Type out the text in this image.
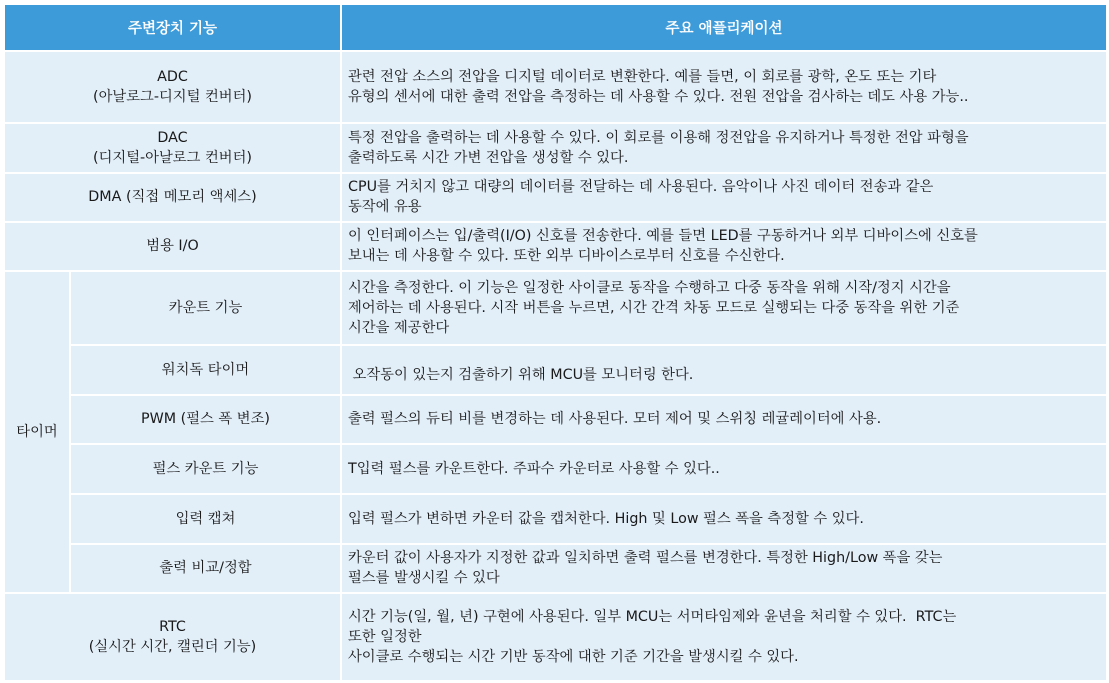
주변장치 기능		주요 애플리케이션

ADC
(아날로그-디지털 컨버터)		관련 전압 소스의 전압을 디지털 데이터로 변환한다. 예를 들면, 이 회로를 광학, 온도 또는 기타
유형의 센서에 대한 출력 전압을 측정하는 데 사용할 수 있다. 전원 전압을 검사하는 데도 사용 가능..

DAC
(디지털-아날로그 컨버터)		특정 전압을 출력하는 데 사용할 수 있다. 이 회로를 이용해 정전압을 유지하거나 특정한 전압 파형을
출력하도록 시간 가변 전압을 생성할 수 있다.

DMA (직접 메모리 액세스)		CPU를 거치지 않고 대량의 데이터를 전달하는 데 사용된다. 음악이나 사진 데이터 전송과 같은
동작에 유용

범용 I/O		이 인터페이스는 입/출력(I/O) 신호를 전송한다. 예를 들면 LED를 구동하거나 외부 디바이스에 신호를
보내는 데 사용할 수 있다. 또한 외부 디바이스로부터 신호를 수신한다.

타이머	카운트 기능	시간을 측정한다. 이 기능은 일정한 사이클로 동작을 수행하고 다중 동작을 위해 시작/정지 시간을
제어하는 데 사용된다. 시작 버튼을 누르면, 시간 간격 차동 모드로 실행되는 다중 동작을 위한 기준
시간을 제공한다

	워치독 타이머	오작동이 있는지 검출하기 위해 MCU를 모니터링 한다.

	PWM (펄스 폭 변조)	출력 펄스의 듀티 비를 변경하는 데 사용된다. 모터 제어 및 스위칭 레귤레이터에 사용.

	펄스 카운트 기능	T입력 펄스를 카운트한다. 주파수 카운터로 사용할 수 있다..

	입력 캡쳐	입력 펄스가 변하면 카운터 값을 캡처한다. High 및 Low 펄스 폭을 측정할 수 있다.

	출력 비교/정합	카운터 값이 사용자가 지정한 값과 일치하면 출력 펄스를 변경한다. 특정한 High/Low 폭을 갖는
펄스를 발생시킬 수 있다

RTC
(실시간 시간, 캘린더 기능)		시간 기능(일, 월, 년) 구현에 사용된다. 일부 MCU는 서머타임제와 윤년을 처리할 수 있다.  RTC는
또한 일정한
사이클로 수행되는 시간 기반 동작에 대한 기준 기간을 발생시킬 수 있다.
